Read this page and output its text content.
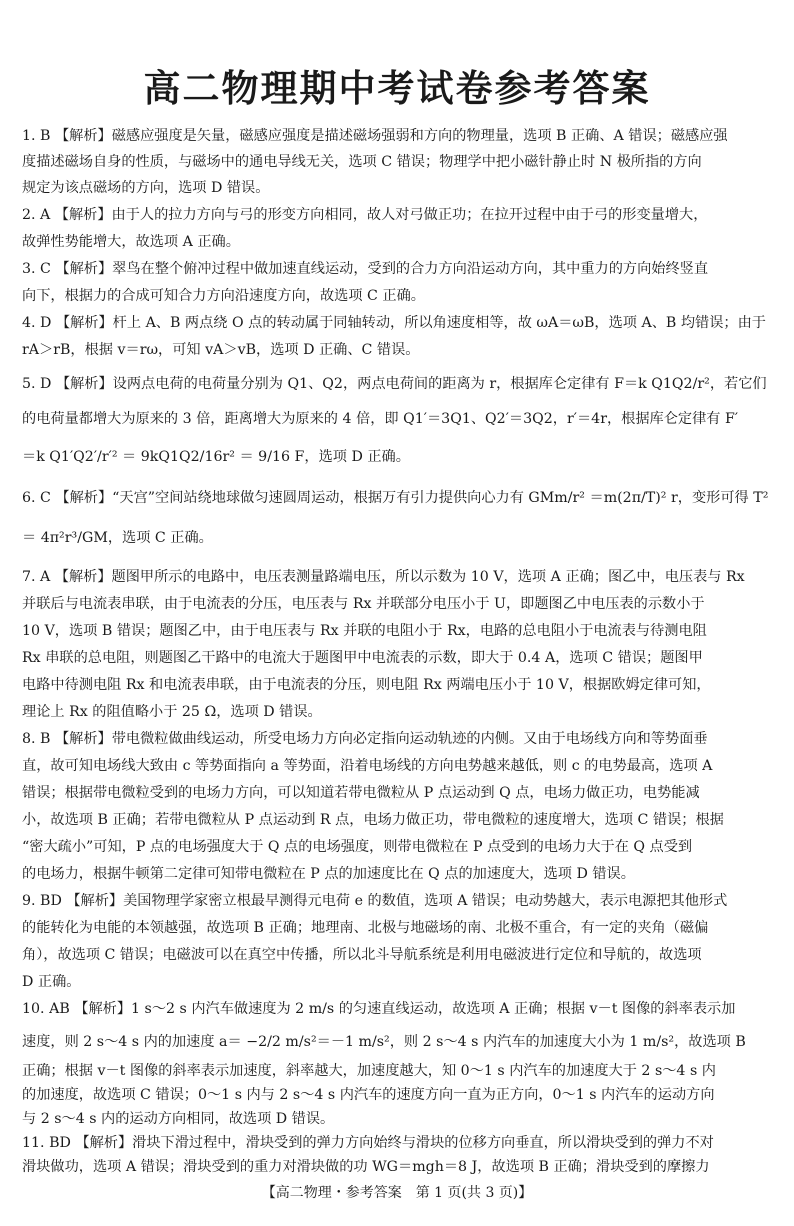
高二物理期中考试卷参考答案
1. B 【解析】磁感应强度是矢量，磁感应强度是描述磁场强弱和方向的物理量，选项 B 正确、A 错误；磁感应强
度描述磁场自身的性质，与磁场中的通电导线无关，选项 C 错误；物理学中把小磁针静止时 N 极所指的方向
规定为该点磁场的方向，选项 D 错误。
2. A 【解析】由于人的拉力方向与弓的形变方向相同，故人对弓做正功；在拉开过程中由于弓的形变量增大，
故弹性势能增大，故选项 A 正确。
3. C 【解析】翠鸟在整个俯冲过程中做加速直线运动，受到的合力方向沿运动方向，其中重力的方向始终竖直
向下，根据力的合成可知合力方向沿速度方向，故选项 C 正确。
4. D 【解析】杆上 A、B 两点绕 O 点的转动属于同轴转动，所以角速度相等，故 ωA＝ωB，选项 A、B 均错误；由于
rA＞rB，根据 v＝rω，可知 vA＞vB，选项 D 正确、C 错误。
5. D 【解析】设两点电荷的电荷量分别为 Q1、Q2，两点电荷间的距离为 r，根据库仑定律有 F＝k Q1Q2/r²，若它们
的电荷量都增大为原来的 3 倍，距离增大为原来的 4 倍，即 Q1′＝3Q1、Q2′＝3Q2，r′＝4r，根据库仑定律有 F′
＝k Q1′Q2′/r′² ＝ 9kQ1Q2/16r² ＝ 9/16 F，选项 D 正确。
6. C 【解析】“天宫”空间站绕地球做匀速圆周运动，根据万有引力提供向心力有 GMm/r² ＝m(2π/T)² r，变形可得 T²
＝ 4π²r³/GM，选项 C 正确。
7. A 【解析】题图甲所示的电路中，电压表测量路端电压，所以示数为 10 V，选项 A 正确；图乙中，电压表与 Rx
并联后与电流表串联，由于电流表的分压，电压表与 Rx 并联部分电压小于 U，即题图乙中电压表的示数小于
10 V，选项 B 错误；题图乙中，由于电压表与 Rx 并联的电阻小于 Rx，电路的总电阻小于电流表与待测电阻
Rx 串联的总电阻，则题图乙干路中的电流大于题图甲中电流表的示数，即大于 0.4 A，选项 C 错误；题图甲
电路中待测电阻 Rx 和电流表串联，由于电流表的分压，则电阻 Rx 两端电压小于 10 V，根据欧姆定律可知，
理论上 Rx 的阻值略小于 25 Ω，选项 D 错误。
8. B 【解析】带电微粒做曲线运动，所受电场力方向必定指向运动轨迹的内侧。又由于电场线方向和等势面垂
直，故可知电场线大致由 c 等势面指向 a 等势面，沿着电场线的方向电势越来越低，则 c 的电势最高，选项 A
错误；根据带电微粒受到的电场力方向，可以知道若带电微粒从 P 点运动到 Q 点，电场力做正功，电势能减
小，故选项 B 正确；若带电微粒从 P 点运动到 R 点，电场力做正功，带电微粒的速度增大，选项 C 错误；根据
“密大疏小”可知，P 点的电场强度大于 Q 点的电场强度，则带电微粒在 P 点受到的电场力大于在 Q 点受到
的电场力，根据牛顿第二定律可知带电微粒在 P 点的加速度比在 Q 点的加速度大，选项 D 错误。
9. BD 【解析】美国物理学家密立根最早测得元电荷 e 的数值，选项 A 错误；电动势越大，表示电源把其他形式
的能转化为电能的本领越强，故选项 B 正确；地理南、北极与地磁场的南、北极不重合，有一定的夹角（磁偏
角），故选项 C 错误；电磁波可以在真空中传播，所以北斗导航系统是利用电磁波进行定位和导航的，故选项
D 正确。
10. AB 【解析】1 s～2 s 内汽车做速度为 2 m/s 的匀速直线运动，故选项 A 正确；根据 v－t 图像的斜率表示加
速度，则 2 s～4 s 内的加速度 a＝ −2/2 m/s²＝－1 m/s²，则 2 s～4 s 内汽车的加速度大小为 1 m/s²，故选项 B
正确；根据 v－t 图像的斜率表示加速度，斜率越大，加速度越大，知 0～1 s 内汽车的加速度大于 2 s～4 s 内
的加速度，故选项 C 错误；0～1 s 内与 2 s～4 s 内汽车的速度方向一直为正方向，0～1 s 内汽车的运动方向
与 2 s～4 s 内的运动方向相同，故选项 D 错误。
11. BD 【解析】滑块下滑过程中，滑块受到的弹力方向始终与滑块的位移方向垂直，所以滑块受到的弹力不对
滑块做功，选项 A 错误；滑块受到的重力对滑块做的功 WG＝mgh＝8 J，故选项 B 正确；滑块受到的摩擦力
【高二物理・参考答案　第 1 页(共 3 页)】
